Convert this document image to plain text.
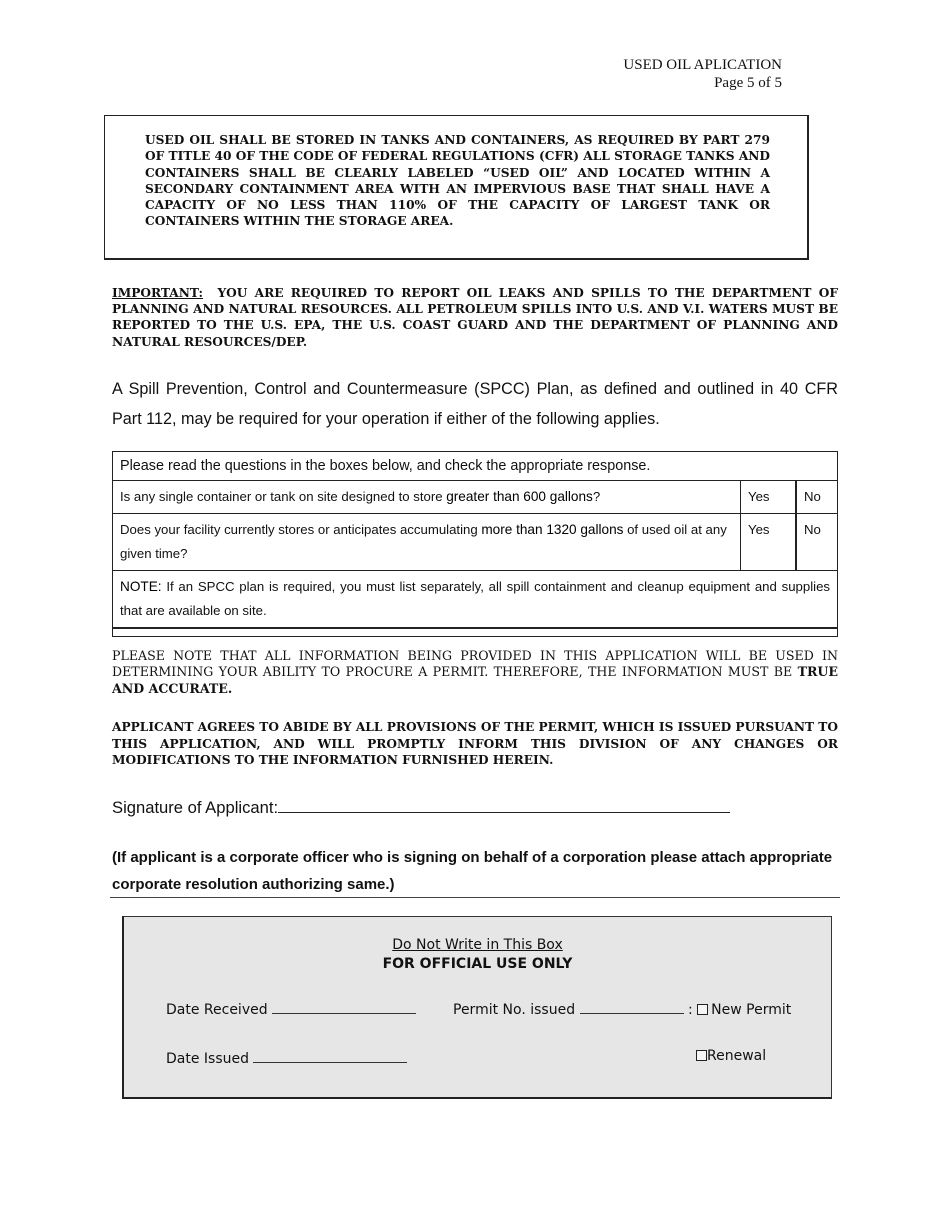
USED OIL APLICATION
Page 5 of 5

USED OIL SHALL BE STORED IN TANKS AND CONTAINERS, AS REQUIRED BY PART 279 OF TITLE 40 OF THE CODE OF FEDERAL REGULATIONS (CFR) ALL STORAGE TANKS AND CONTAINERS SHALL BE CLEARLY LABELED “USED OIL” AND LOCATED WITHIN A SECONDARY CONTAINMENT AREA WITH AN IMPERVIOUS BASE THAT SHALL HAVE A CAPACITY OF NO LESS THAN 110% OF THE CAPACITY OF LARGEST TANK OR CONTAINERS WITHIN THE STORAGE AREA.

IMPORTANT: YOU ARE REQUIRED TO REPORT OIL LEAKS AND SPILLS TO THE DEPARTMENT OF PLANNING AND NATURAL RESOURCES. ALL PETROLEUM SPILLS INTO U.S. AND V.I. WATERS MUST BE REPORTED TO THE U.S. EPA, THE U.S. COAST GUARD AND THE DEPARTMENT OF PLANNING AND NATURAL RESOURCES/DEP.

A Spill Prevention, Control and Countermeasure (SPCC) Plan, as defined and outlined in 40 CFR Part 112, may be required for your operation if either of the following applies.

Please read the questions in the boxes below, and check the appropriate response.		
Is any single container or tank on site designed to store greater than 600 gallons?	Yes	No
Does your facility currently stores or anticipates accumulating more than 1320 gallons of used oil at any given time?	Yes	No
NOTE: If an SPCC plan is required, you must list separately, all spill containment and cleanup equipment and supplies that are available on site.		

PLEASE NOTE THAT ALL INFORMATION BEING PROVIDED IN THIS APPLICATION WILL BE USED IN DETERMINING YOUR ABILITY TO PROCURE A PERMIT. THEREFORE, THE INFORMATION MUST BE TRUE AND ACCURATE.

APPLICANT AGREES TO ABIDE BY ALL PROVISIONS OF THE PERMIT, WHICH IS ISSUED PURSUANT TO THIS APPLICATION, AND WILL PROMPTLY INFORM THIS DIVISION OF ANY CHANGES OR MODIFICATIONS TO THE INFORMATION FURNISHED HEREIN.

Signature of Applicant:

(If applicant is a corporate officer who is signing on behalf of a corporation please attach appropriate corporate resolution authorizing same.)

Do Not Write in This Box
FOR OFFICIAL USE ONLY
Date Received	Permit No. issued	: New Permit
Date Issued	Renewal
